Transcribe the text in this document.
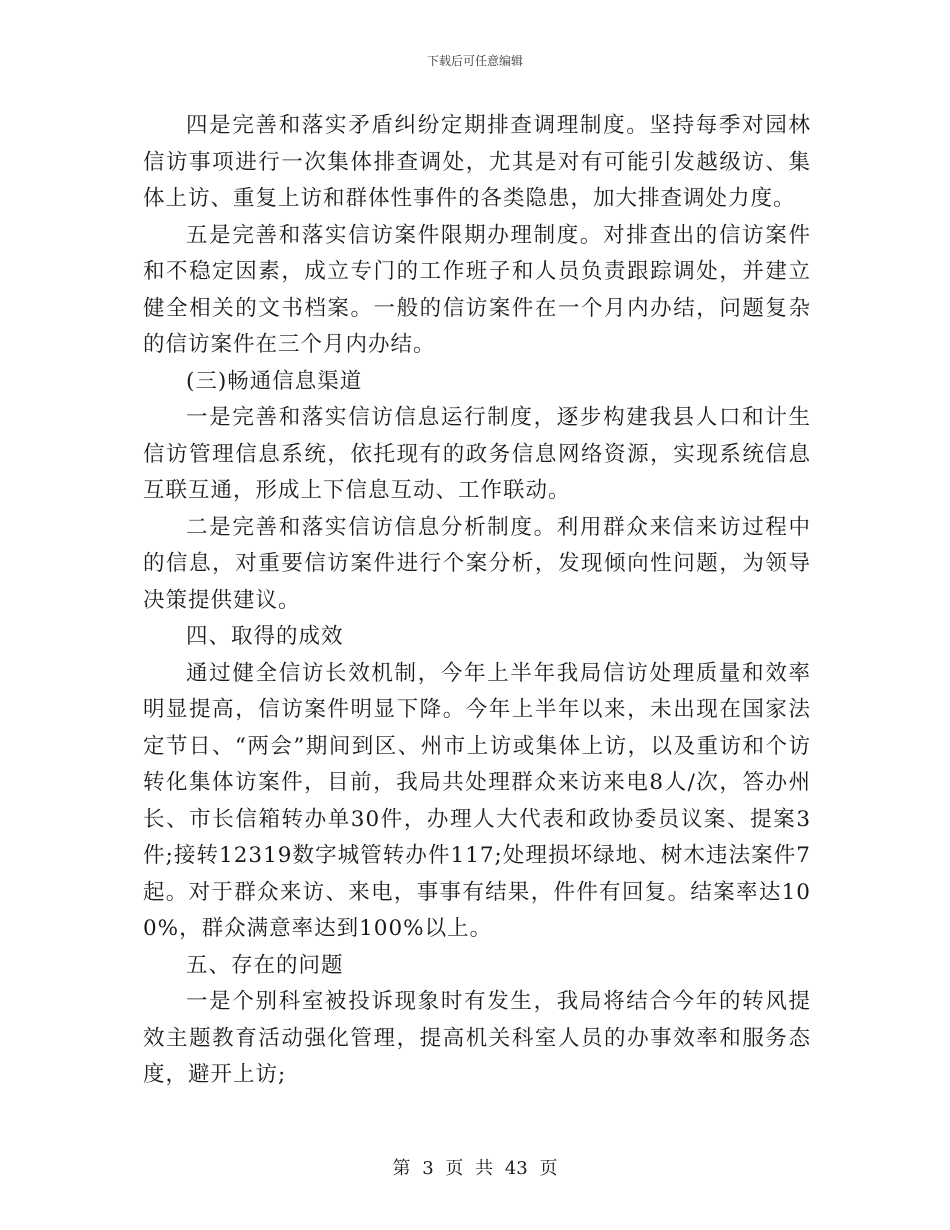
下载后可任意编辑

四是完善和落实矛盾纠纷定期排查调理制度。坚持每季对园林信访事项进行一次集体排查调处，尤其是对有可能引发越级访、集体上访、重复上访和群体性事件的各类隐患，加大排查调处力度。

五是完善和落实信访案件限期办理制度。对排查出的信访案件和不稳定因素，成立专门的工作班子和人员负责跟踪调处，并建立健全相关的文书档案。一般的信访案件在一个月内办结，问题复杂的信访案件在三个月内办结。

(三)畅通信息渠道

一是完善和落实信访信息运行制度，逐步构建我县人口和计生信访管理信息系统，依托现有的政务信息网络资源，实现系统信息互联互通，形成上下信息互动、工作联动。

二是完善和落实信访信息分析制度。利用群众来信来访过程中的信息，对重要信访案件进行个案分析，发现倾向性问题，为领导决策提供建议。

四、取得的成效

通过健全信访长效机制，今年上半年我局信访处理质量和效率明显提高，信访案件明显下降。今年上半年以来，未出现在国家法定节日、“两会”期间到区、州市上访或集体上访，以及重访和个访转化集体访案件，目前，我局共处理群众来访来电8人/次，答办州长、市长信箱转办单30件，办理人大代表和政协委员议案、提案3件;接转12319数字城管转办件117;处理损坏绿地、树木违法案件7起。对于群众来访、来电，事事有结果，件件有回复。结案率达100%，群众满意率达到100%以上。

五、存在的问题

一是个别科室被投诉现象时有发生，我局将结合今年的转风提效主题教育活动强化管理，提高机关科室人员的办事效率和服务态度，避开上访;

第 3 页 共 43 页
